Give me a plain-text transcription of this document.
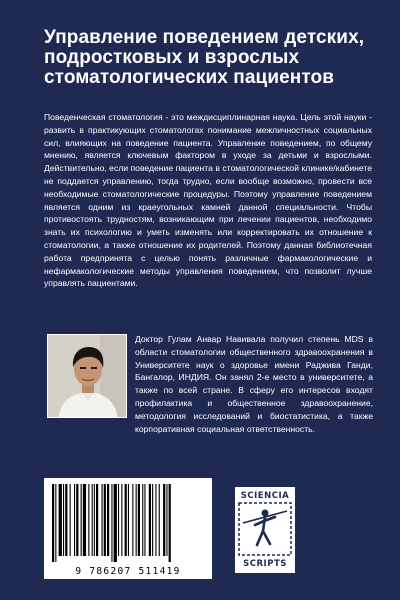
Управление поведением детских, подростковых и взрослых стоматологических пациентов

Поведенческая стоматология - это междисциплинарная наука. Цель этой науки - развить в практикующих стоматологах понимание межличностных социальных сил, влияющих на поведение пациента. Управление поведением, по общему мнению, является ключевым фактором в уходе за детьми и взрослыми. Действительно, если поведение пациента в стоматологической клинике/кабинете не поддается управлению, тогда трудно, если вообще возможно, провести все необходимые стоматологические процедуры. Поэтому управление поведением является одним из краеугольных камней данной специальности. Чтобы противостоять трудностям, возникающим при лечении пациентов, необходимо знать их психологию и уметь изменять или корректировать их отношение к стоматологии, а также отношение их родителей. Поэтому данная библиотечная работа предпринята с целью понять различные фармакологические и нефармакологические методы управления поведением, что позволит лучше управлять пациентами.

Доктор Гулам Анвар Навивала получил степень MDS в области стоматологии общественного здравоохранения в Университете наук о здоровье имени Раджива Ганди, Бангалор, ИНДИЯ. Он занял 2-е место в университете, а также по всей стране. В сферу его интересов входят профилактика и общественное здравоохранение, методология исследований и биостатистика, а также корпоративная социальная ответственность.

9 786207 511419
SCIENCIA
SCRIPTS
